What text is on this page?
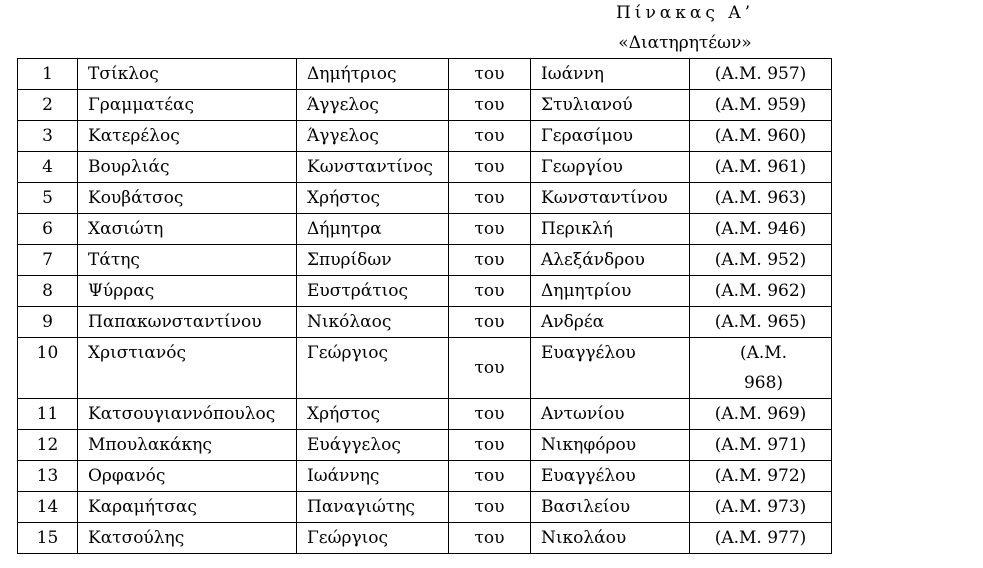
Πίνακας Α’
«Διατηρητέων»
1	Τσίκλος	Δημήτριος	του	Ιωάννη	(Α.Μ. 957)
2	Γραμματέας	Άγγελος	του	Στυλιανού	(Α.Μ. 959)
3	Κατερέλος	Άγγελος	του	Γερασίμου	(Α.Μ. 960)
4	Βουρλιάς	Κωνσταντίνος	του	Γεωργίου	(Α.Μ. 961)
5	Κουβάτσος	Χρήστος	του	Κωνσταντίνου	(Α.Μ. 963)
6	Χασιώτη	Δήμητρα	του	Περικλή	(Α.Μ. 946)
7	Τάτης	Σπυρίδων	του	Αλεξάνδρου	(Α.Μ. 952)
8	Ψύρρας	Ευστράτιος	του	Δημητρίου	(Α.Μ. 962)
9	Παπακωνσταντίνου	Νικόλαος	του	Ανδρέα	(Α.Μ. 965)
10	Χριστιανός	Γεώργιος	του	Ευαγγέλου	(Α.Μ. 968)
11	Κατσουγιαννόπουλος	Χρήστος	του	Αντωνίου	(Α.Μ. 969)
12	Μπουλακάκης	Ευάγγελος	του	Νικηφόρου	(Α.Μ. 971)
13	Ορφανός	Ιωάννης	του	Ευαγγέλου	(Α.Μ. 972)
14	Καραμήτσας	Παναγιώτης	του	Βασιλείου	(Α.Μ. 973)
15	Κατσούλης	Γεώργιος	του	Νικολάου	(Α.Μ. 977)
